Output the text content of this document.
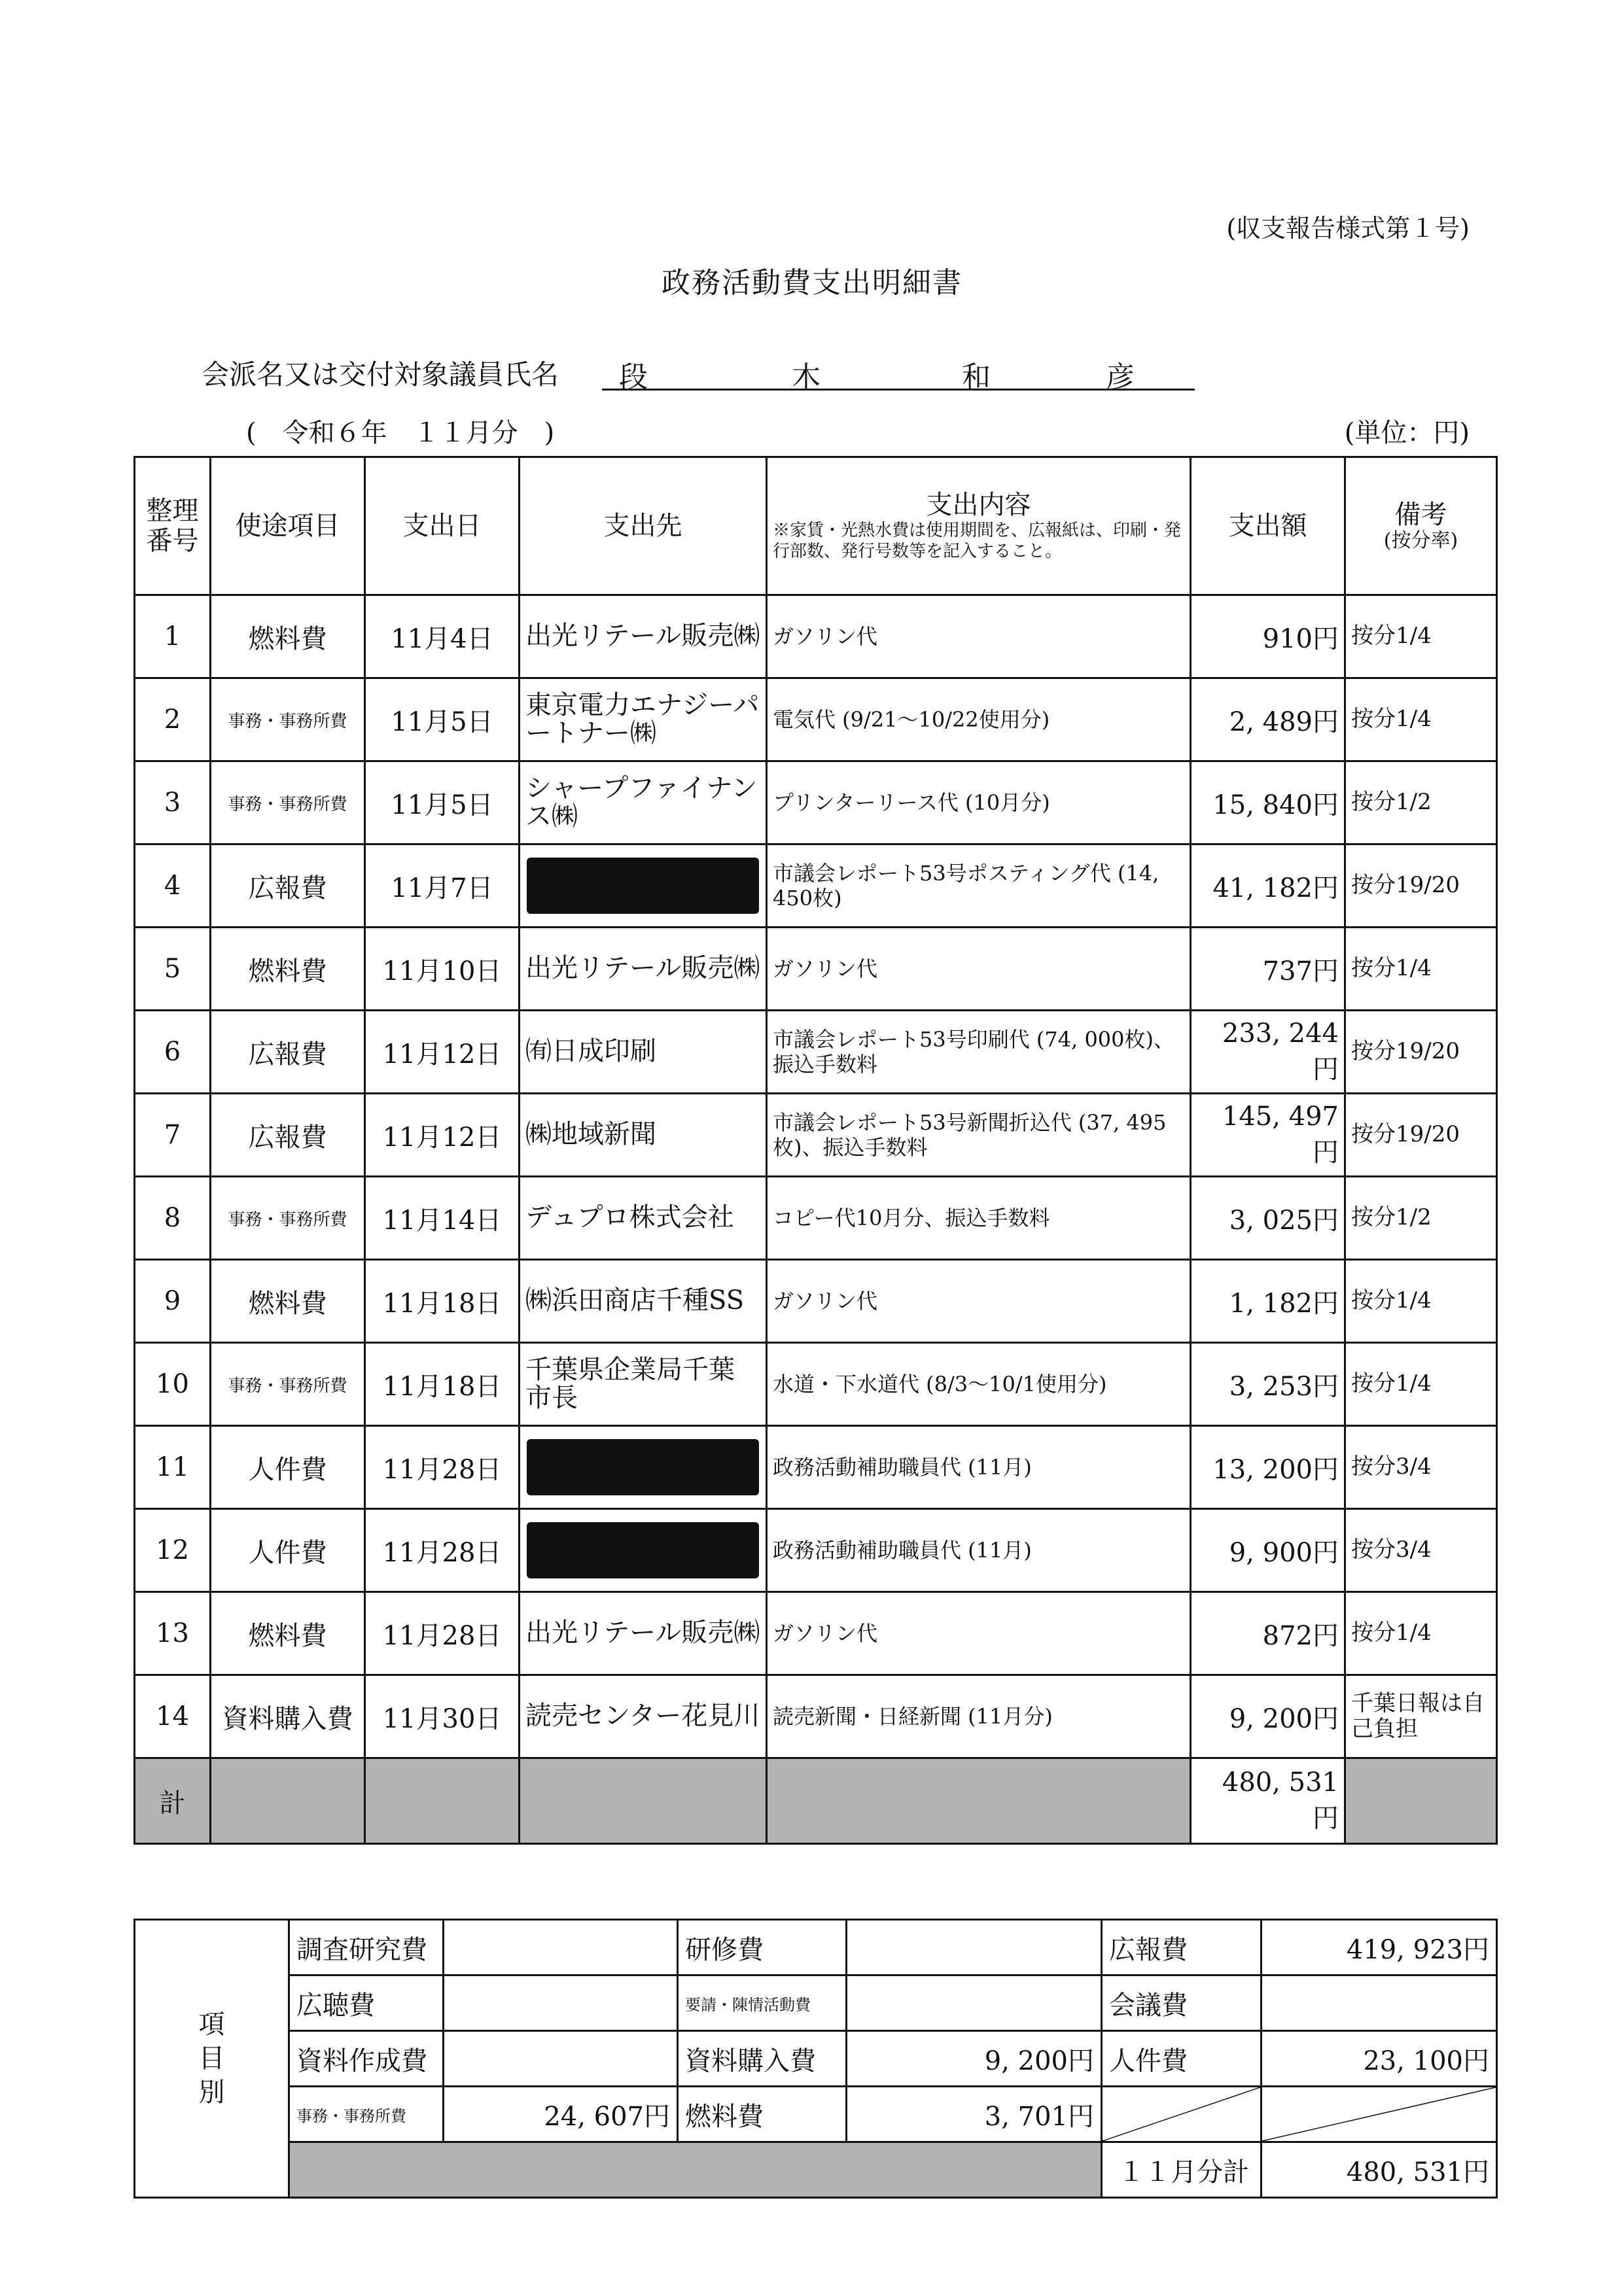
(収支報告様式第１号)
政務活動費支出明細書
会派名又は交付対象議員氏名 段	木	和	彦
(　令和６年　１１月分　)	(単位：円)
整理
番号	使途項目	支出日	支出先	支出内容
※家賃・光熱水費は使用期間を、広報紙は、印刷・発行部数、発行号数等を記入すること。	支出額	備考
(按分率)

1	燃料費	11月4日	出光リテール販売㈱	ガソリン代	910円	按分1/4
2	事務・事務所費	11月5日	東京電力エナジーパートナー㈱	電気代 (9/21～10/22使用分)	2, 489円	按分1/4
3	事務・事務所費	11月5日	シャープファイナンス㈱	プリンターリース代 (10月分)	15, 840円	按分1/2
4	広報費	11月7日		市議会レポート53号ポスティング代 (14, 450枚)	41, 182円	按分19/20
5	燃料費	11月10日	出光リテール販売㈱	ガソリン代	737円	按分1/4
6	広報費	11月12日	㈲日成印刷	市議会レポート53号印刷代 (74, 000枚)、振込手数料	233, 244円	按分19/20
7	広報費	11月12日	㈱地域新聞	市議会レポート53号新聞折込代 (37, 495枚)、振込手数料	145, 497円	按分19/20
8	事務・事務所費	11月14日	デュプロ株式会社	コピー代10月分、振込手数料	3, 025円	按分1/2
9	燃料費	11月18日	㈱浜田商店千種SS	ガソリン代	1, 182円	按分1/4
10	事務・事務所費	11月18日	千葉県企業局千葉市長	水道・下水道代 (8/3～10/1使用分)	3, 253円	按分1/4
11	人件費	11月28日		政務活動補助職員代 (11月)	13, 200円	按分3/4
12	人件費	11月28日		政務活動補助職員代 (11月)	9, 900円	按分3/4
13	燃料費	11月28日	出光リテール販売㈱	ガソリン代	872円	按分1/4
14	資料購入費	11月30日	読売センター花見川	読売新聞・日経新聞 (11月分)	9, 200円	千葉日報は自己負担
計					480, 531円	
項
目
別	調査研究費		研修費		広報費	419, 923円
	広聴費		要請・陳情活動費		会議費	
	資料作成費		資料購入費	9, 200円	人件費	23, 100円
	事務・事務所費	24, 607円	燃料費	3, 701円	

					１１月分計	480, 531円
